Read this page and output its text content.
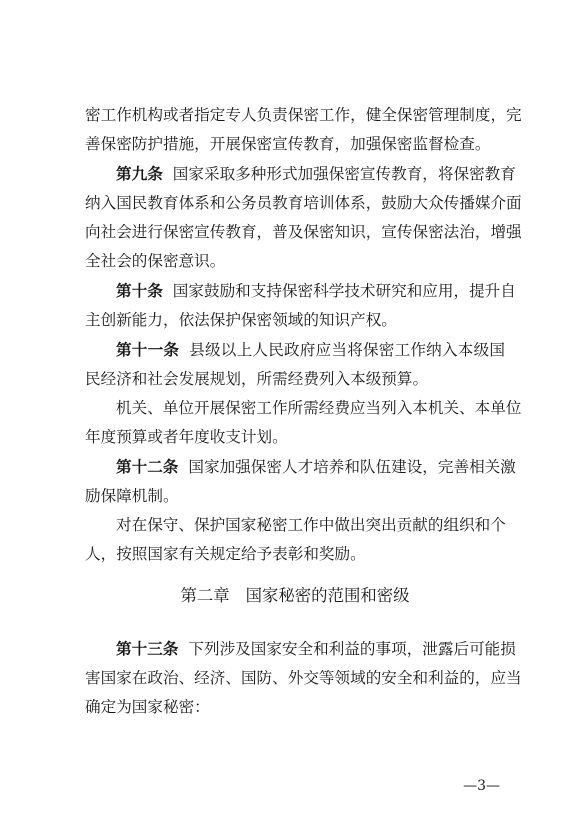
密工作机构或者指定专人负责保密工作，健全保密管理制度，完
善保密防护措施，开展保密宣传教育，加强保密监督检查。
第九条 国家采取多种形式加强保密宣传教育，将保密教育
纳入国民教育体系和公务员教育培训体系，鼓励大众传播媒介面
向社会进行保密宣传教育，普及保密知识，宣传保密法治，增强
全社会的保密意识。
第十条 国家鼓励和支持保密科学技术研究和应用，提升自
主创新能力，依法保护保密领域的知识产权。
第十一条 县级以上人民政府应当将保密工作纳入本级国
民经济和社会发展规划，所需经费列入本级预算。
机关、单位开展保密工作所需经费应当列入本机关、本单位
年度预算或者年度收支计划。
第十二条 国家加强保密人才培养和队伍建设，完善相关激
励保障机制。
对在保守、保护国家秘密工作中做出突出贡献的组织和个
人，按照国家有关规定给予表彰和奖励。
第二章 国家秘密的范围和密级
第十三条 下列涉及国家安全和利益的事项，泄露后可能损
害国家在政治、经济、国防、外交等领域的安全和利益的，应当
确定为国家秘密：
—3—
